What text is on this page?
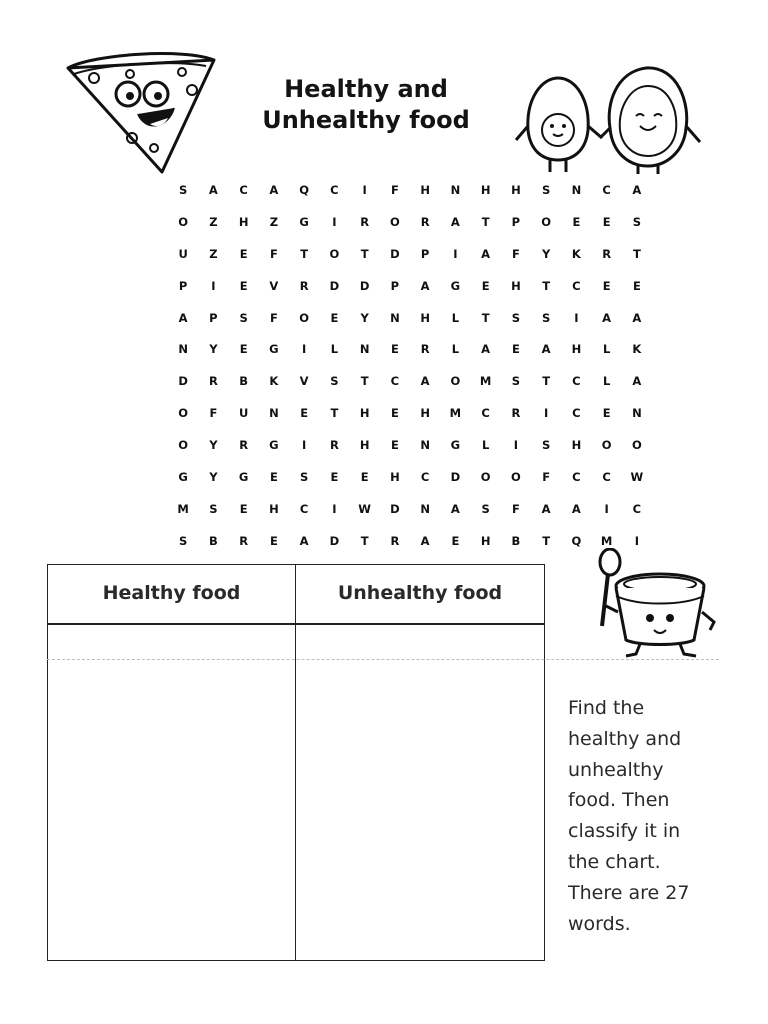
Healthy and
Unhealthy food
S	A	C	A	Q	C	I	F	H	N	H	H	S	N	C	A
O	Z	H	Z	G	I	R	O	R	A	T	P	O	E	E	S
U	Z	E	F	T	O	T	D	P	I	A	F	Y	K	R	T
P	I	E	V	R	D	D	P	A	G	E	H	T	C	E	E
A	P	S	F	O	E	Y	N	H	L	T	S	S	I	A	A
N	Y	E	G	I	L	N	E	R	L	A	E	A	H	L	K
D	R	B	K	V	S	T	C	A	O	M	S	T	C	L	A
O	F	U	N	E	T	H	E	H	M	C	R	I	C	E	N
O	Y	R	G	I	R	H	E	N	G	L	I	S	H	O	O
G	Y	G	E	S	E	E	H	C	D	O	O	F	C	C	W
M	S	E	H	C	I	W	D	N	A	S	F	A	A	I	C
S	B	R	E	A	D	T	R	A	E	H	B	T	Q	M	I
Healthy food	Unhealthy food
Find the
healthy and
unhealthy
food. Then
classify it in
the chart.
There are 27
words.
